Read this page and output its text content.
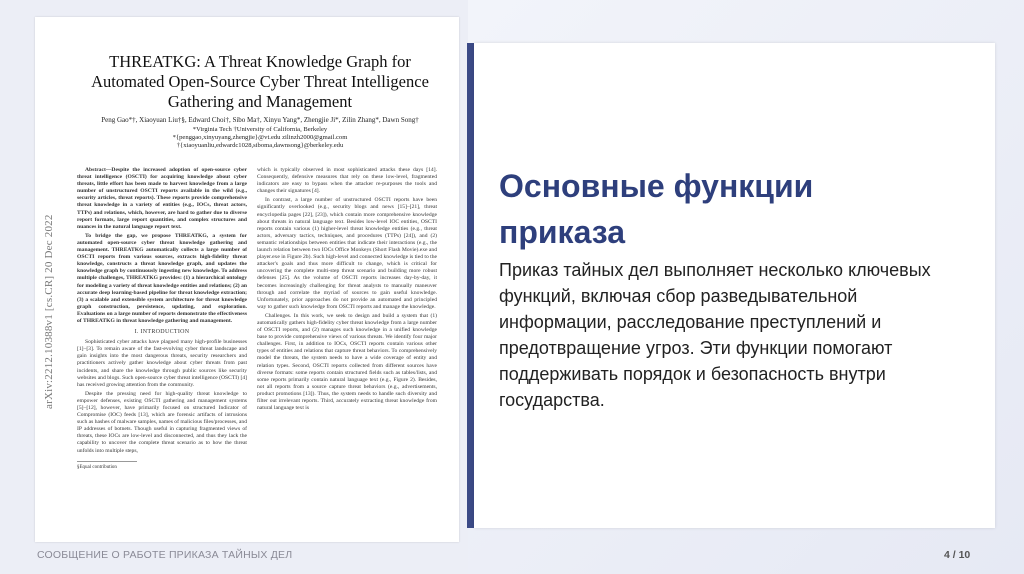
THREATKG: A Threat Knowledge Graph for
Automated Open-Source Cyber Threat Intelligence
Gathering and Management
Peng Gao*†, Xiaoyuan Liu†§, Edward Choi†, Sibo Ma†, Xinyu Yang*, Zhengjie Ji*, Zilin Zhang*, Dawn Song†
*Virginia Tech †University of California, Berkeley
*{penggao,xinyuyang,zhengjie}@vt.edu zilinzh2000@gmail.com
†{xiaoyuanliu,edwardc1028,siboma,dawnsong}@berkeley.edu
arXiv:2212.10388v1 [cs.CR] 20 Dec 2022

Abstract—Despite the increased adoption of open-source cyber threat intelligence (OSCTI) for acquiring knowledge about cyber threats, little effort has been made to harvest knowledge from a large number of unstructured OSCTI reports available in the wild (e.g., security articles, threat reports). These reports provide comprehensive threat knowledge in a variety of entities (e.g., IOCs, threat actors, TTPs) and relations, which, however, are hard to gather due to diverse report formats, large report quantities, and complex structures and nuances in the natural language report text.

To bridge the gap, we propose THREATKG, a system for automated open-source cyber threat knowledge gathering and management. THREATKG automatically collects a large number of OSCTI reports from various sources, extracts high-fidelity threat knowledge, constructs a threat knowledge graph, and updates the knowledge graph by continuously ingesting new knowledge. To address multiple challenges, THREATKG provides: (1) a hierarchical ontology for modeling a variety of threat knowledge entities and relations; (2) an accurate deep learning-based pipeline for threat knowledge extraction; (3) a scalable and extensible system architecture for threat knowledge graph construction, persistence, updating, and exploration. Evaluations on a large number of reports demonstrate the effectiveness of THREATKG in threat knowledge gathering and management.

I. INTRODUCTION

Sophisticated cyber attacks have plagued many high-profile businesses [1]–[3]. To remain aware of the fast-evolving cyber threat landscape and gain insights into the most dangerous threats, security researchers and practitioners actively gather knowledge about cyber threats from past incidents, and share the knowledge through public sources like security websites and blogs. Such open-source cyber threat intelligence (OSCTI) [4] has received growing attention from the community.

Despite the pressing need for high-quality threat knowledge to empower defenses, existing OSCTI gathering and management systems [5]–[12], however, have primarily focused on structured Indicator of Compromise (IOC) feeds [13], which are forensic artifacts of intrusions such as hashes of malware samples, names of malicious files/processes, and IP addresses of botnets. Though useful in capturing fragmented views of threats, these IOCs are low-level and disconnected, and thus they lack the capability to uncover the complete threat scenario as to how the threat unfolds into multiple steps,

§Equal contribution

which is typically observed in most sophisticated attacks these days [14]. Consequently, defensive measures that rely on these low-level, fragmented indicators are easy to bypass when the attacker re-purposes the tools and changes their signatures [4].

In contrast, a large number of unstructured OSCTI reports have been significantly overlooked (e.g., security blogs and news [15]–[21], threat encyclopedia pages [22], [23]), which contain more comprehensive knowledge about threats in natural language text. Besides low-level IOC entities, OSCTI reports contain various (1) higher-level threat knowledge entities (e.g., threat actors, adversary tactics, techniques, and procedures (TTPs) [24]), and (2) semantic relationships between entities that indicate their interactions (e.g., the launch relation between two IOCs Office Monkeys (Short Flash Movie).exe and player.exe in Figure 2b). Such high-level and connected knowledge is tied to the attacker's goals and thus more difficult to change, which is critical for uncovering the complete multi-step threat scenario and building more robust defenses [25]. As the volume of OSCTI reports increases day-by-day, it becomes increasingly challenging for threat analysts to manually maneuver through and correlate the myriad of sources to gain useful knowledge. Unfortunately, prior approaches do not provide an automated and principled way to gather such knowledge from OSCTI reports and manage the knowledge.

Challenges. In this work, we seek to design and build a system that (1) automatically gathers high-fidelity cyber threat knowledge from a large number of OSCTI reports, and (2) manages such knowledge in a unified knowledge base to provide comprehensive views of various threats. We identify four major challenges. First, in addition to IOCs, OSCTI reports contain various other types of entities and relations that capture threat behaviors. To comprehensively model the threats, the system needs to have a wide coverage of entity and relation types. Second, OSCTI reports collected from different sources have diverse formats: some reports contain structured fields such as tables/lists, and some reports primarily contain natural language text (e.g., Figure 2). Besides, not all reports from a source capture threat behaviors (e.g., advertisements, product promotions [13]). Thus, the system needs to handle such diversity and filter out irrelevant reports. Third, accurately extracting threat knowledge from natural language text is

Основные функции приказа
Приказ тайных дел выполняет несколько ключевых функций, включая сбор разведывательной информации, расследование преступлений и предотвращение угроз. Эти функции помогают поддерживать порядок и безопасность внутри государства.
СООБЩЕНИЕ О РАБОТЕ ПРИКАЗА ТАЙНЫХ ДЕЛ	4 / 10
